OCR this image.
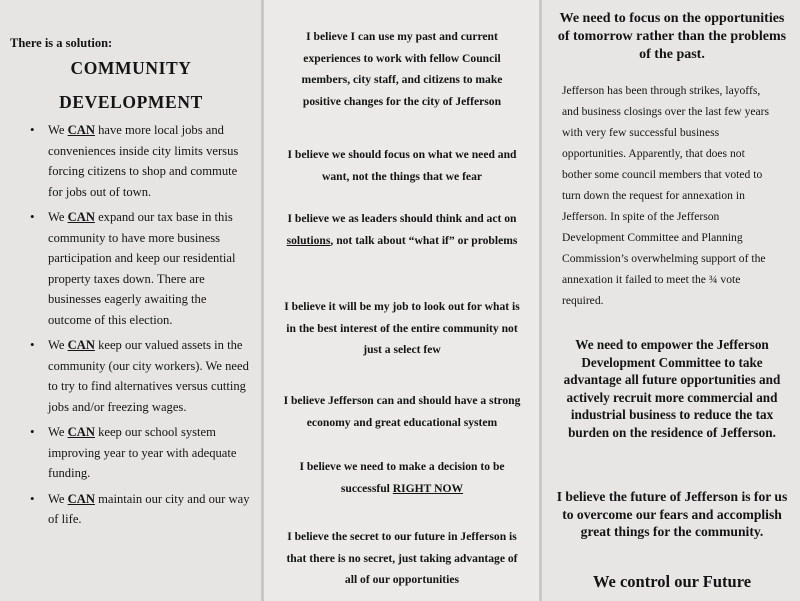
There is a solution:
COMMUNITY
DEVELOPMENT
• We CAN have more local jobs and conveniences inside city limits versus forcing citizens to shop and commute for jobs out of town.
• We CAN expand our tax base in this community to have more business participation and keep our residential property taxes down. There are businesses eagerly awaiting the outcome of this election.
• We CAN keep our valued assets in the community (our city workers). We need to try to find alternatives versus cutting jobs and/or freezing wages.
• We CAN keep our school system improving year to year with adequate funding.
• We CAN maintain our city and our way of life.
I believe I can use my past and current experiences to work with fellow Council members, city staff, and citizens to make positive changes for the city of Jefferson
I believe we should focus on what we need and want, not the things that we fear
I believe we as leaders should think and act on solutions, not talk about “what if” or problems
I believe it will be my job to look out for what is in the best interest of the entire community not just a select few
I believe Jefferson can and should have a strong economy and great educational system
I believe we need to make a decision to be successful RIGHT NOW
I believe the secret to our future in Jefferson is that there is no secret, just taking advantage of all of our opportunities
We need to focus on the opportunities of tomorrow rather than the problems of the past.
Jefferson has been through strikes, layoffs, and business closings over the last few years with very few successful business opportunities. Apparently, that does not bother some council members that voted to turn down the request for annexation in Jefferson. In spite of the Jefferson Development Committee and Planning Commission’s overwhelming support of the annexation it failed to meet the ¾ vote required.
We need to empower the Jefferson Development Committee to take advantage all future opportunities and actively recruit more commercial and industrial business to reduce the tax burden on the residence of Jefferson.
I believe the future of Jefferson is for us to overcome our fears and accomplish great things for the community.
We control our Future
